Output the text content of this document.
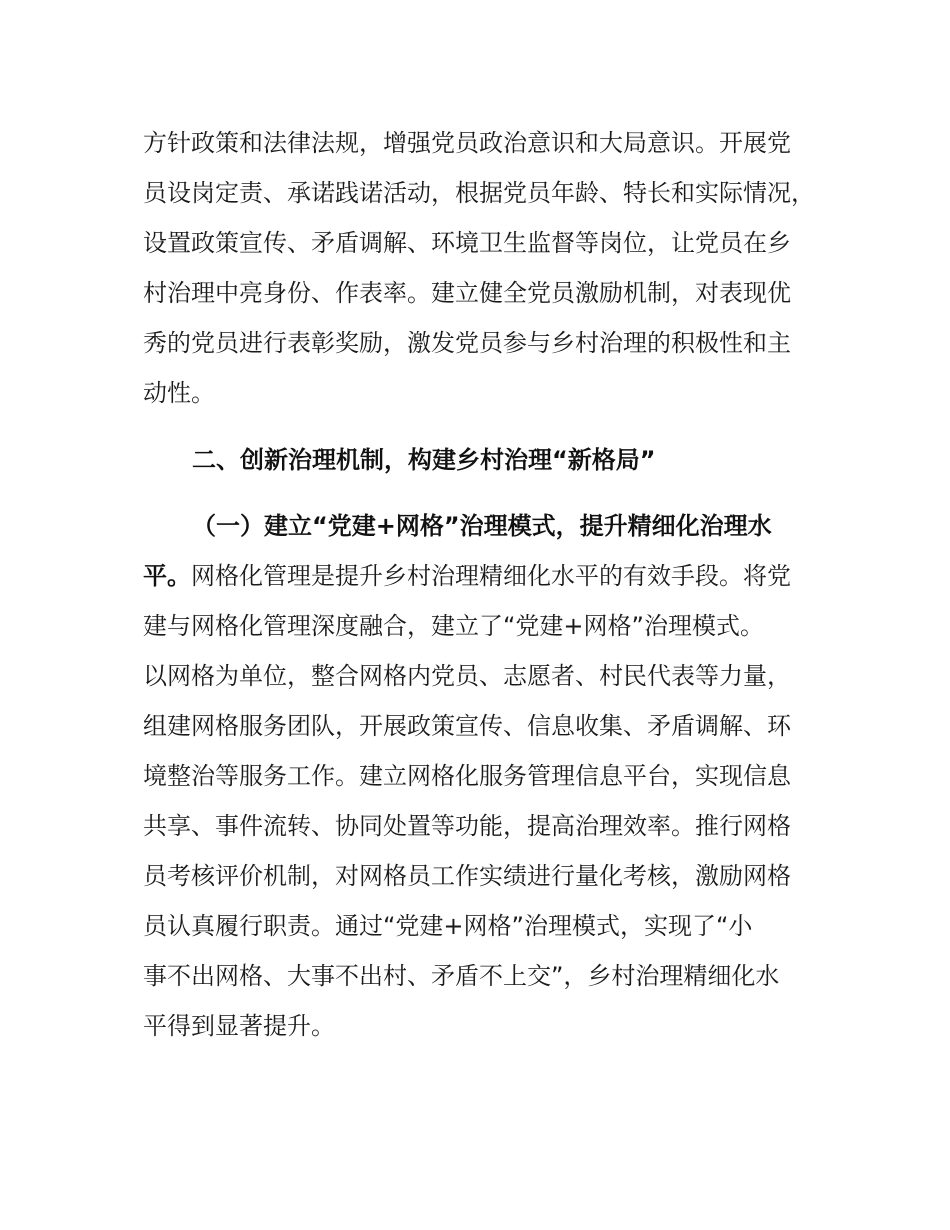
方针政策和法律法规，增强党员政治意识和大局意识。开展党

员设岗定责、承诺践诺活动，根据党员年龄、特长和实际情况，

设置政策宣传、矛盾调解、环境卫生监督等岗位，让党员在乡

村治理中亮身份、作表率。建立健全党员激励机制，对表现优

秀的党员进行表彰奖励，激发党员参与乡村治理的积极性和主

动性。

二、创新治理机制，构建乡村治理“新格局”

（一）建立“党建+网格”治理模式，提升精细化治理水

平。网格化管理是提升乡村治理精细化水平的有效手段。将党

建与网格化管理深度融合，建立了“党建+网格”治理模式。

以网格为单位，整合网格内党员、志愿者、村民代表等力量，

组建网格服务团队，开展政策宣传、信息收集、矛盾调解、环

境整治等服务工作。建立网格化服务管理信息平台，实现信息

共享、事件流转、协同处置等功能，提高治理效率。推行网格

员考核评价机制，对网格员工作实绩进行量化考核，激励网格

员认真履行职责。通过“党建+网格”治理模式，实现了“小

事不出网格、大事不出村、矛盾不上交”，乡村治理精细化水

平得到显著提升。
